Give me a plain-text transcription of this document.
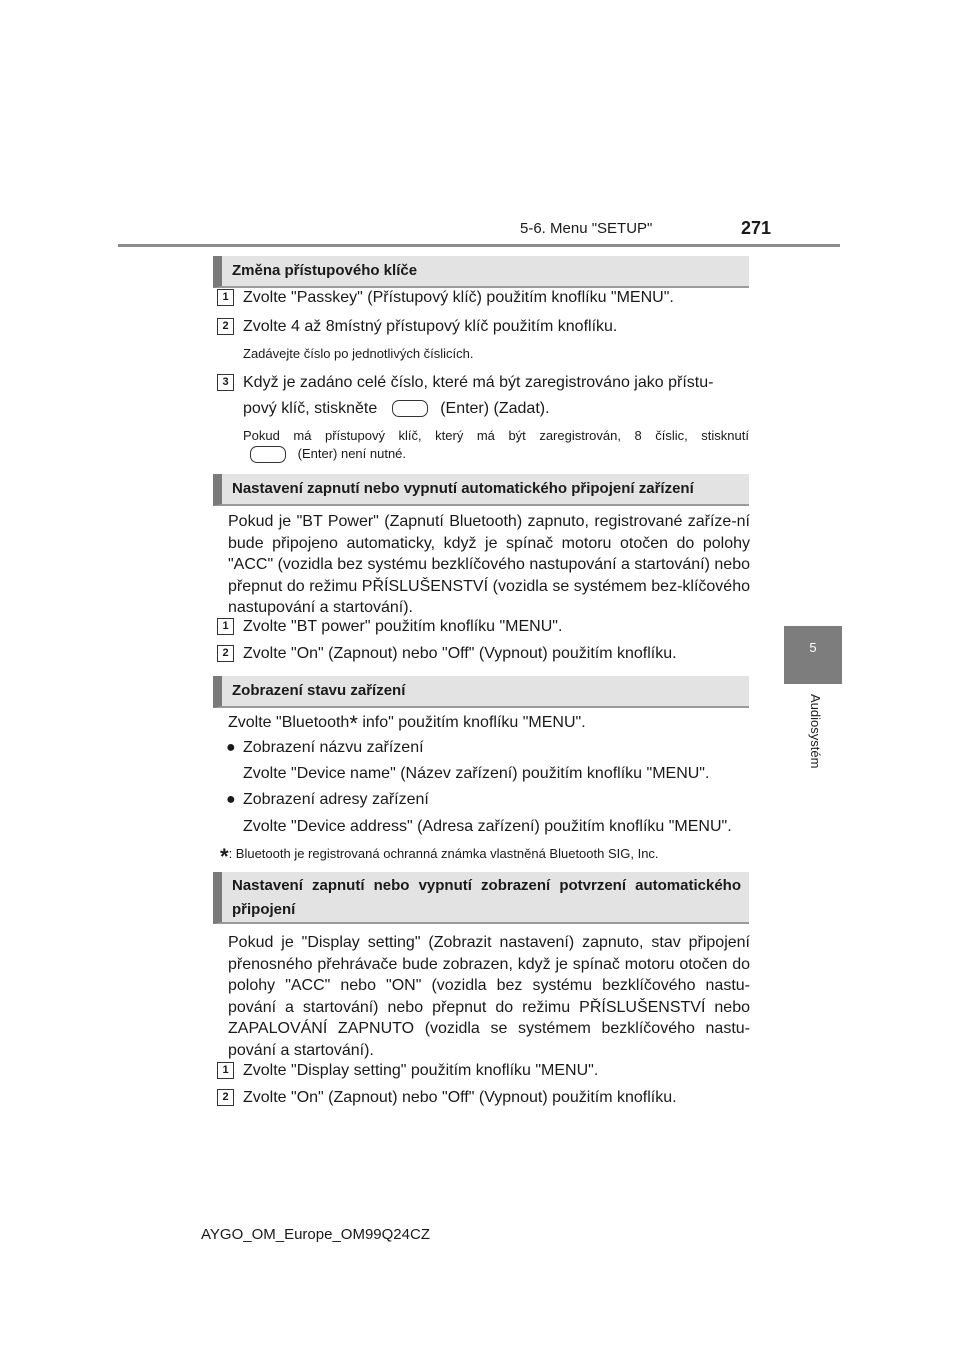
5-6. Menu "SETUP"	271
5
Audiosystém
Změna přístupového klíče
1 Zvolte "Passkey" (Přístupový klíč) použitím knoflíku "MENU".
2 Zvolte 4 až 8místný přístupový klíč použitím knoflíku.
Zadávejte číslo po jednotlivých číslicích.
3 Když je zadáno celé číslo, které má být zaregistrováno jako přístu-
pový klíč, stiskněte	(Enter) (Zadat).
Pokud má přístupový klíč, který má být zaregistrován, 8 číslic, stisknutí
(Enter) není nutné.
Nastavení zapnutí nebo vypnutí automatického připojení zařízení
Pokud je "BT Power" (Zapnutí Bluetooth) zapnuto, registrované zaříze-ní bude připojeno automaticky, když je spínač motoru otočen do polohy "ACC" (vozidla bez systému bezklíčového nastupování a startování) nebo přepnut do režimu PŘÍSLUŠENSTVÍ (vozidla se systémem bez-klíčového nastupování a startování).
1 Zvolte "BT power" použitím knoflíku "MENU".
2 Zvolte "On" (Zapnout) nebo "Off" (Vypnout) použitím knoflíku.
Zobrazení stavu zařízení
Zvolte "Bluetooth* info" použitím knoflíku "MENU".
● Zobrazení názvu zařízení
Zvolte "Device name" (Název zařízení) použitím knoflíku "MENU".
● Zobrazení adresy zařízení
Zvolte "Device address" (Adresa zařízení) použitím knoflíku "MENU".
*: Bluetooth je registrovaná ochranná známka vlastněná Bluetooth SIG, Inc.
Nastavení zapnutí nebo vypnutí zobrazení potvrzení automatického
připojení
Pokud je "Display setting" (Zobrazit nastavení) zapnuto, stav připojení přenosného přehrávače bude zobrazen, když je spínač motoru otočen do polohy "ACC" nebo "ON" (vozidla bez systému bezklíčového nastu-pování a startování) nebo přepnut do režimu PŘÍSLUŠENSTVÍ nebo ZAPALOVÁNÍ ZAPNUTO (vozidla se systémem bezklíčového nastu-pování a startování).
1 Zvolte "Display setting" použitím knoflíku "MENU".
2 Zvolte "On" (Zapnout) nebo "Off" (Vypnout) použitím knoflíku.
AYGO_OM_Europe_OM99Q24CZ
